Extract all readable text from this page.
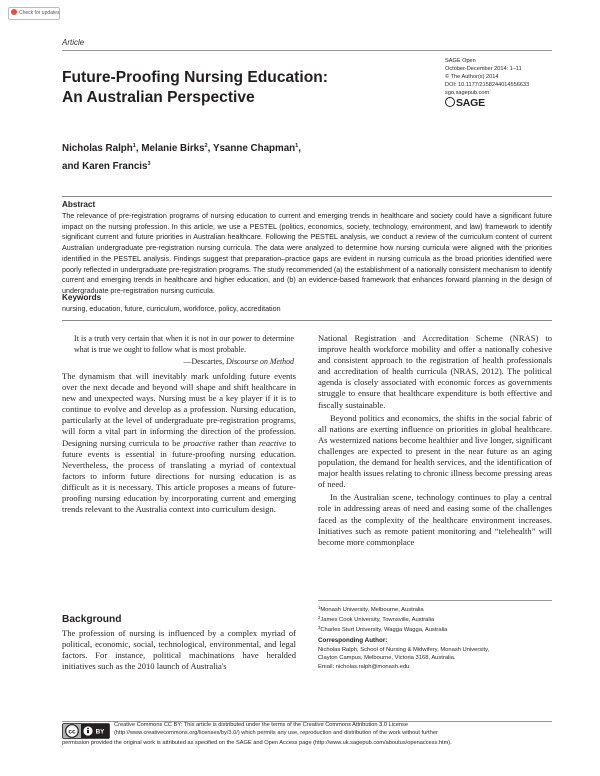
Check for updates
Article
Future-Proofing Nursing Education:
An Australian Perspective
SAGE Open
October-December 2014: 1–11
© The Author(s) 2014
DOI: 10.1177/2158244014556633
sgo.sagepub.com
SAGE
Nicholas Ralph$^1$, Melanie Birks$^2$, Ysanne Chapman$^1$,
and Karen Francis$^3$
Abstract
The relevance of pre-registration programs of nursing education to current and emerging trends in healthcare and society could have a significant future impact on the nursing profession. In this article, we use a PESTEL (politics, economics, society, technology, environment, and law) framework to identify significant current and future priorities in Australian healthcare. Following the PESTEL analysis, we conduct a review of the curriculum content of current Australian undergraduate pre-registration nursing curricula. The data were analyzed to determine how nursing curricula were aligned with the priorities identified in the PESTEL analysis. Findings suggest that preparation–practice gaps are evident in nursing curricula as the broad priorities identified were poorly reflected in undergraduate pre-registration programs. The study recommended (a) the establishment of a nationally consistent mechanism to identify current and emerging trends in healthcare and higher education, and (b) an evidence-based framework that enhances forward planning in the design of undergraduate pre-registration nursing curricula.
Keywords
nursing, education, future, curriculum, workforce, policy, accreditation
It is a truth very certain that when it is not in our power to determine what is true we ought to follow what is most probable.
—Descartes, Discourse on Method
The dynamism that will inevitably mark unfolding future events over the next decade and beyond will shape and shift healthcare in new and unexpected ways. Nursing must be a key player if it is to continue to evolve and develop as a profession. Nursing education, particularly at the level of undergraduate pre-registration programs, will form a vital part in informing the direction of the profession. Designing nursing curricula to be proactive rather than reactive to future events is essential in future-proofing nursing education. Nevertheless, the process of translating a myriad of contextual factors to inform future directions for nursing education is as difficult as it is necessary. This article proposes a means of future-proofing nursing education by incorporating current and emerging trends relevant to the Australia context into curriculum design.
Background
The profession of nursing is influenced by a complex myriad of political, economic, social, technological, environmental, and legal factors. For instance, political machinations have heralded initiatives such as the 2010 launch of Australia's

National Registration and Accreditation Scheme (NRAS) to improve health workforce mobility and offer a nationally cohesive and consistent approach to the registration of health professionals and accreditation of health curricula (NRAS, 2012). The political agenda is closely associated with economic forces as governments struggle to ensure that healthcare expenditure is both effective and fiscally sustainable.

Beyond politics and economics, the shifts in the social fabric of all nations are exerting influence on priorities in global healthcare. As westernized nations become healthier and live longer, significant challenges are expected to present in the near future as an aging population, the demand for health services, and the identification of major health issues relating to chronic illness become pressing areas of need.

In the Australian scene, technology continues to play a central role in addressing areas of need and easing some of the challenges faced as the complexity of the healthcare environment increases. Initiatives such as remote patient monitoring and “telehealth” will become more commonplace

$^1$Monash University, Melbourne, Australia
$^2$James Cook University, Townsville, Australia
$^3$Charles Sturt University, Wagga Wagga, Australia
Corresponding Author:
Nicholas Ralph, School of Nursing & Midwifery, Monash University,
Clayton Campus, Melbourne, Victoria 3168, Australia.
Email: nicholas.ralph@monash.edu
cc	BY
Creative Commons CC BY: This article is distributed under the terms of the Creative Commons Attribution 3.0 License
(http://www.creativecommons.org/licenses/by/3.0/) which permits any use, reproduction and distribution of the work without further
permission provided the original work is attributed as specified on the SAGE and Open Access page (http://www.uk.sagepub.com/aboutus/openaccess.htm).
